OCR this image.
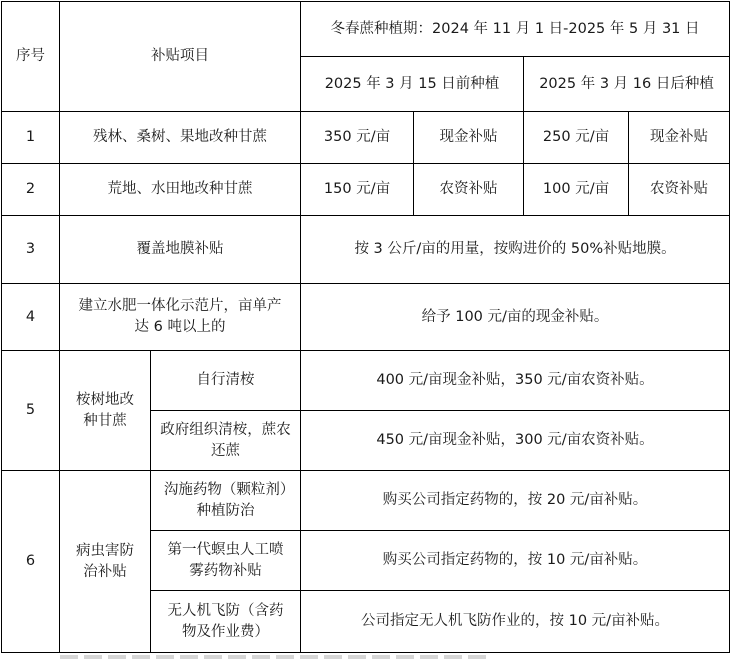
序号	补贴项目		冬春蔗种植期：2024 年 11 月 1 日-2025 年 5 月 31 日			
			2025 年 3 月 15 日前种植		2025 年 3 月 16 日后种植	
1	残林、桑树、果地改种甘蔗		350 元/亩	现金补贴	250 元/亩	现金补贴
2	荒地、水田地改种甘蔗		150 元/亩	农资补贴	100 元/亩	农资补贴
3	覆盖地膜补贴		按 3 公斤/亩的用量，按购进价的 50%补贴地膜。			
4	建立水肥一体化示范片，亩单产达 6 吨以上的		给予 100 元/亩的现金补贴。			
5	桉树地改种甘蔗	自行清桉	400 元/亩现金补贴，350 元/亩农资补贴。			
		政府组织清桉，蔗农还蔗	450 元/亩现金补贴，300 元/亩农资补贴。			
6	病虫害防治补贴	沟施药物（颗粒剂）种植防治	购买公司指定药物的，按 20 元/亩补贴。			
		第一代螟虫人工喷雾药物补贴	购买公司指定药物的，按 10 元/亩补贴。			
		无人机飞防（含药物及作业费）	公司指定无人机飞防作业的，按 10 元/亩补贴。			
